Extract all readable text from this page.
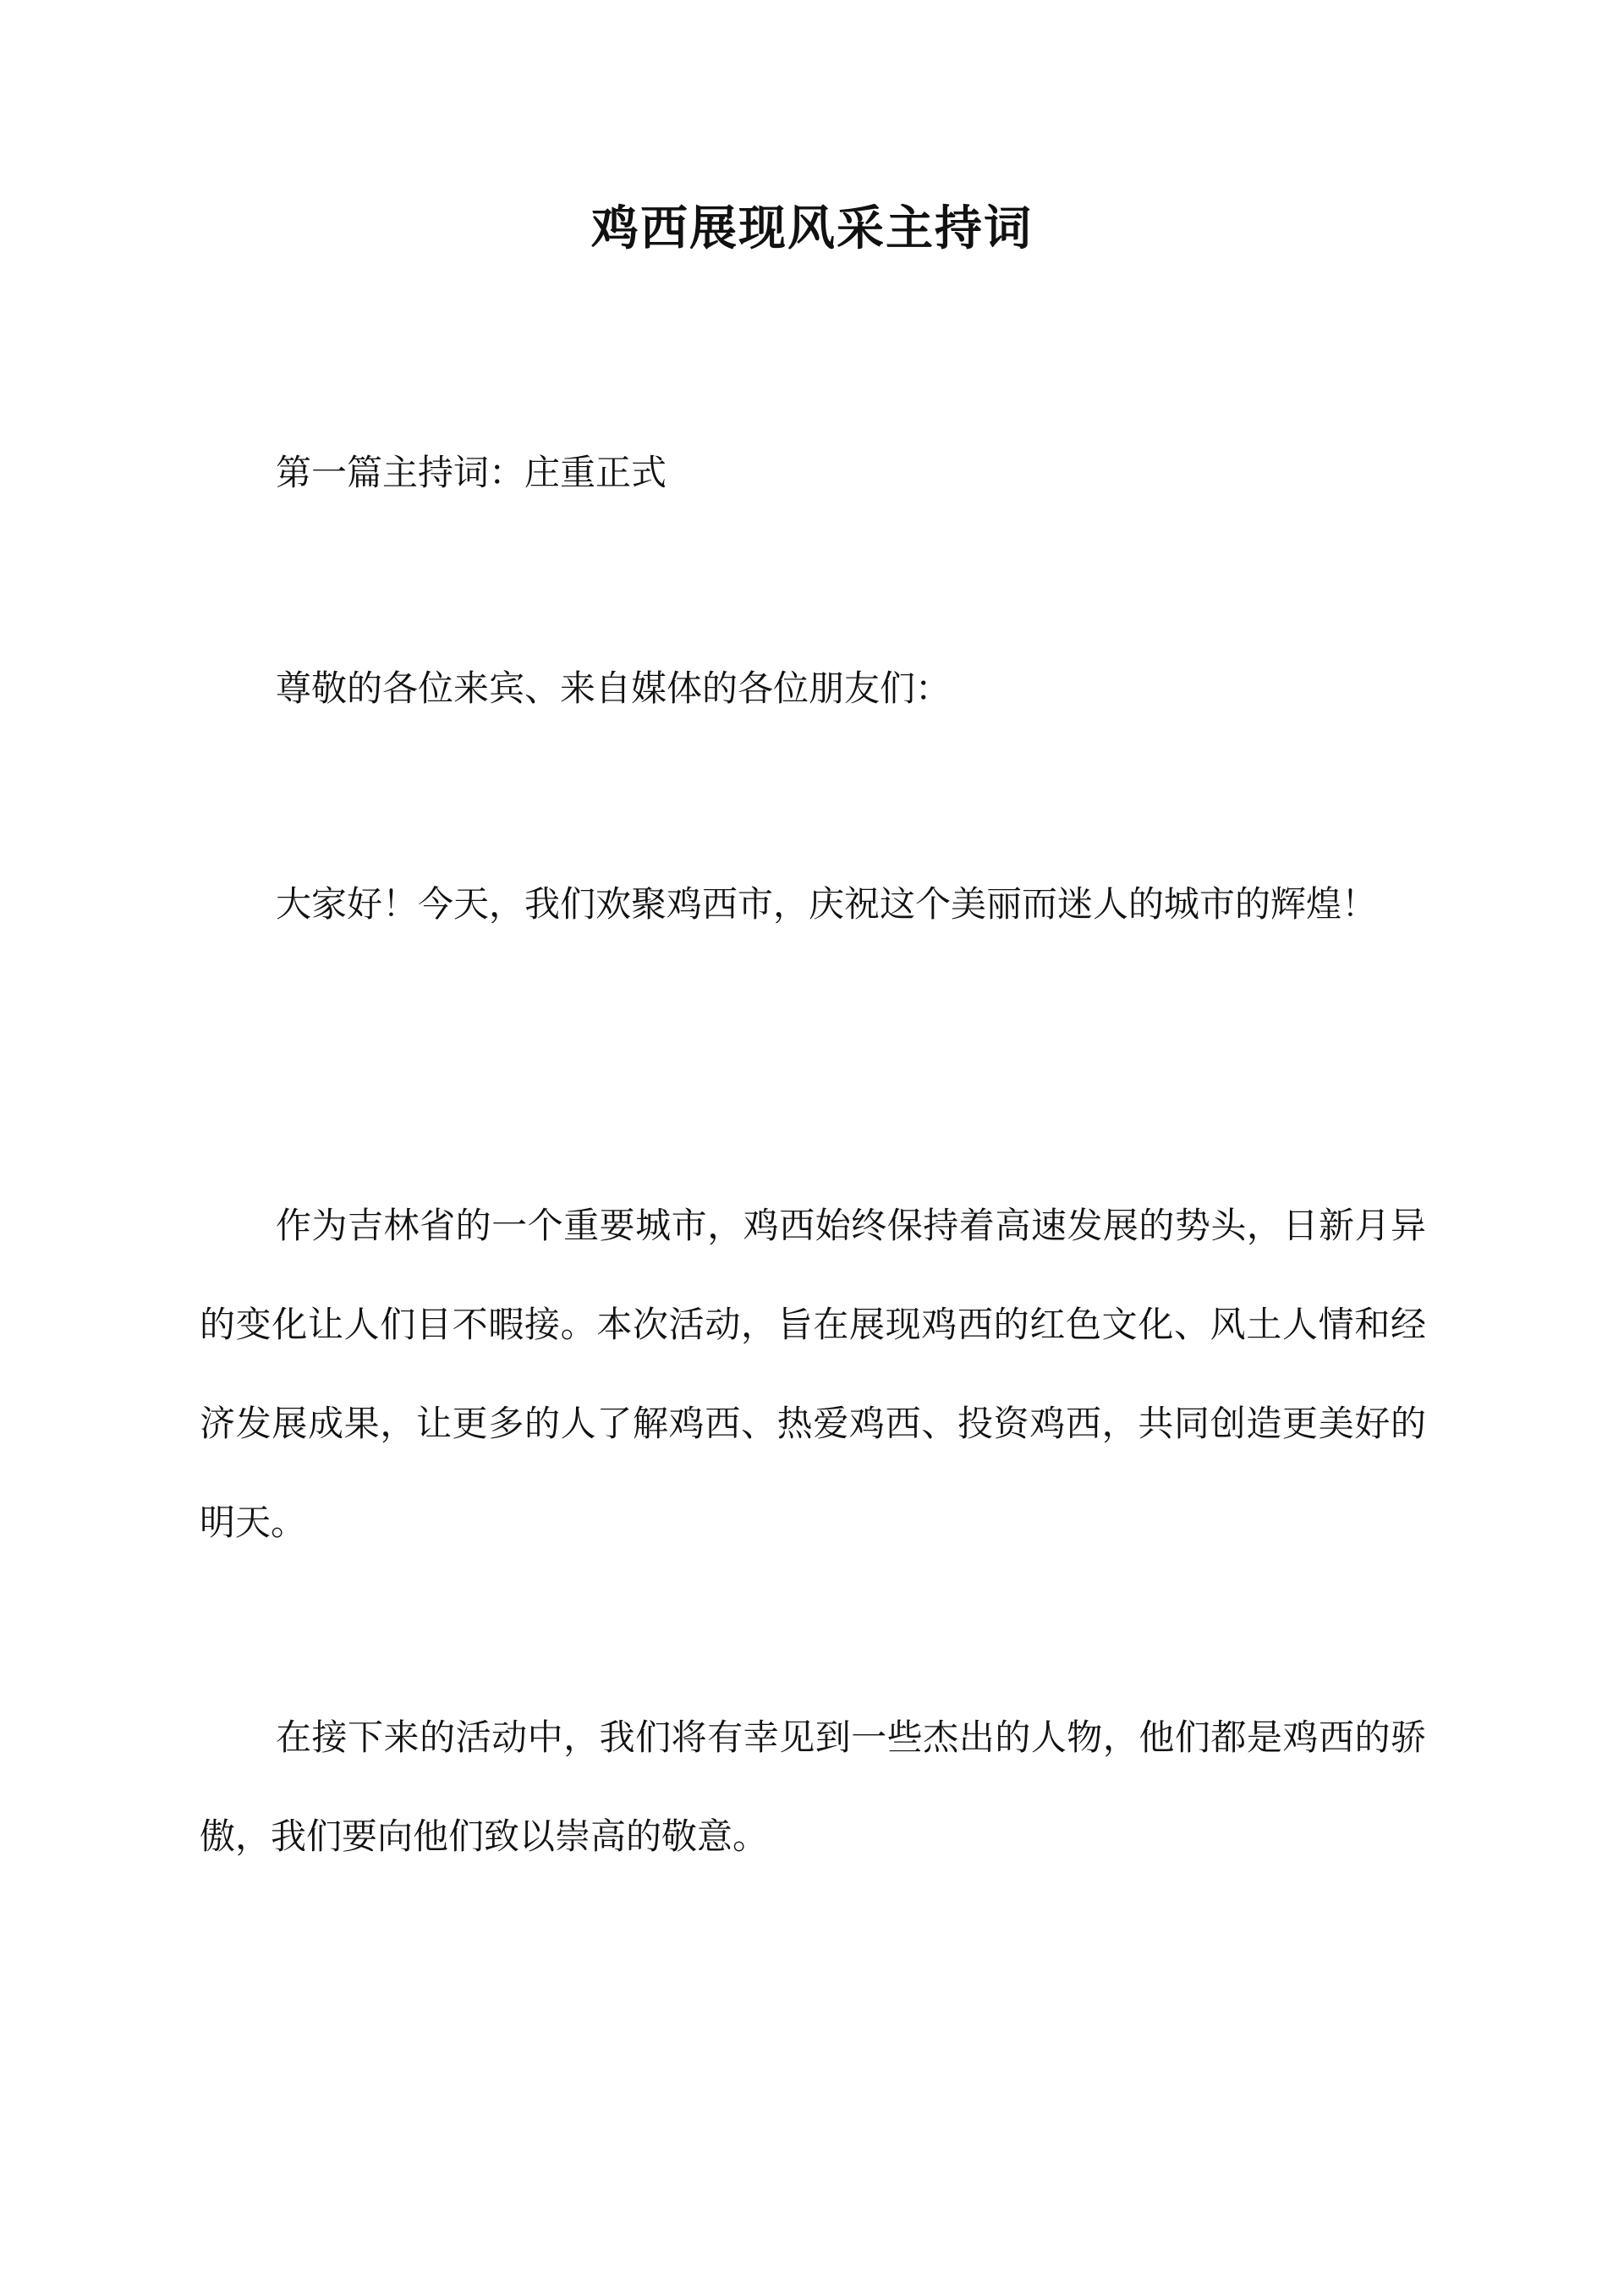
鸡西展现风采主持词

第一篇主持词：庄重正式

尊敬的各位来宾、来自媒体的各位朋友们：

大家好！今天，我们欢聚鸡西市，庆祝这个美丽而迷人的城市的辉煌！

作为吉林省的一个重要城市，鸡西始终保持着高速发展的势头，日新月异的变化让人们目不暇接。本次活动，旨在展现鸡西的红色文化、风土人情和经济发展成果，让更多的人了解鸡西、热爱鸡西、投资鸡西，共同创造更美好的明天。

在接下来的活动中，我们将有幸见到一些杰出的人物，他们都是鸡西的骄傲，我们要向他们致以崇高的敬意。
